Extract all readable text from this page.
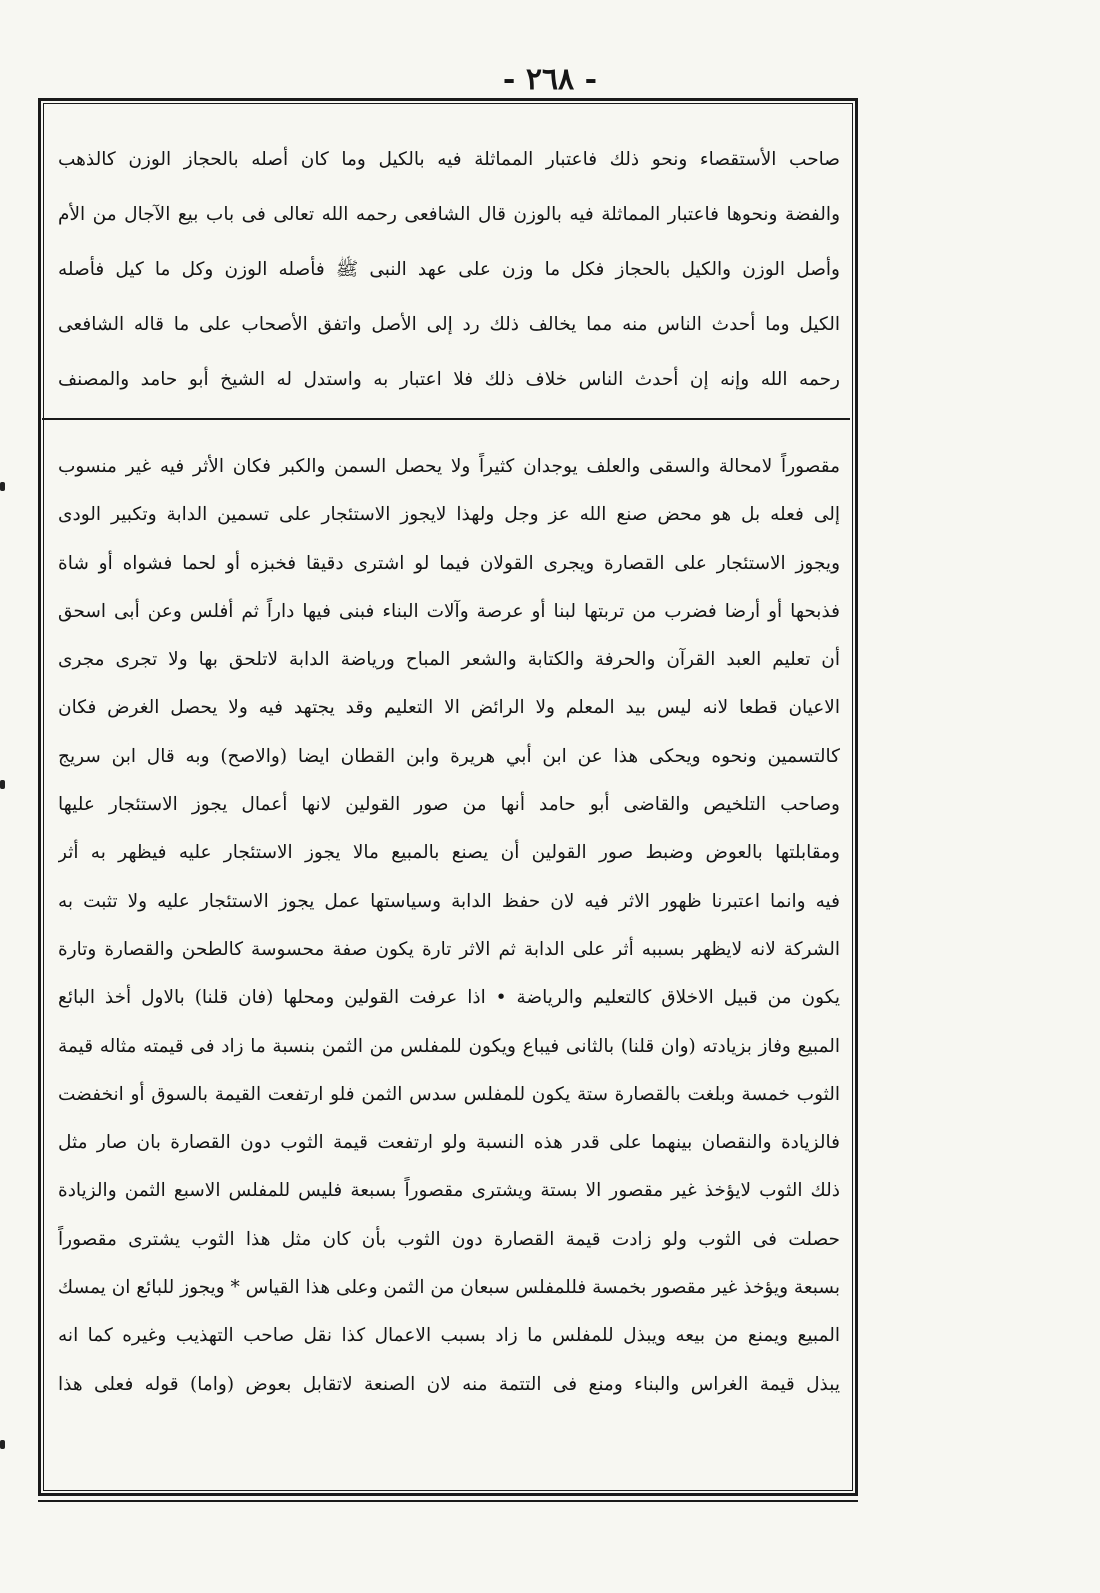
- ٢٦٨ -

صاحب الأستقصاء ونحو ذلك فاعتبار المماثلة فيه بالكيل وما كان أصله بالحجاز الوزن كالذهب

والفضة ونحوها فاعتبار المماثلة فيه بالوزن قال الشافعى رحمه الله تعالى فى باب بيع الآجال من الأم

وأصل الوزن والكيل بالحجاز فكل ما وزن على عهد النبى ﷺ فأصله الوزن وكل ما كيل فأصله

الكيل وما أحدث الناس منه مما يخالف ذلك رد إلى الأصل واتفق الأصحاب على ما قاله الشافعى

رحمه الله وإنه إن أحدث الناس خلاف ذلك فلا اعتبار به واستدل له الشيخ أبو حامد والمصنف

مقصوراً لامحالة والسقى والعلف يوجدان كثيراً ولا يحصل السمن والكبر فكان الأثر فيه غير منسوب

إلى فعله بل هو محض صنع الله عز وجل ولهذا لايجوز الاستئجار على تسمين الدابة وتكبير الودى

ويجوز الاستئجار على القصارة ويجرى القولان فيما لو اشترى دقيقا فخبزه أو لحما فشواه أو شاة

فذبحها أو أرضا فضرب من تربتها لبنا أو عرصة وآلات البناء فبنى فيها داراً ثم أفلس وعن أبى اسحق

أن تعليم العبد القرآن والحرفة والكتابة والشعر المباح ورياضة الدابة لاتلحق بها ولا تجرى مجرى

الاعيان قطعا لانه ليس بيد المعلم ولا الرائض الا التعليم وقد يجتهد فيه ولا يحصل الغرض فكان

كالتسمين ونحوه ويحكى هذا عن ابن أبي هريرة وابن القطان ايضا (والاصح) وبه قال ابن سريج

وصاحب التلخيص والقاضى أبو حامد أنها من صور القولين لانها أعمال يجوز الاستئجار عليها

ومقابلتها بالعوض وضبط صور القولين أن يصنع بالمبيع مالا يجوز الاستئجار عليه فيظهر به أثر

فيه وانما اعتبرنا ظهور الاثر فيه لان حفظ الدابة وسياستها عمل يجوز الاستئجار عليه ولا تثبت به

الشركة لانه لايظهر بسببه أثر على الدابة ثم الاثر تارة يكون صفة محسوسة كالطحن والقصارة وتارة

يكون من قبيل الاخلاق كالتعليم والرياضة • اذا عرفت القولين ومحلها (فان قلنا) بالاول أخذ البائع

المبيع وفاز بزيادته (وان قلنا) بالثانى فيباع ويكون للمفلس من الثمن بنسبة ما زاد فى قيمته مثاله قيمة

الثوب خمسة وبلغت بالقصارة ستة يكون للمفلس سدس الثمن فلو ارتفعت القيمة بالسوق أو انخفضت

فالزيادة والنقصان بينهما على قدر هذه النسبة ولو ارتفعت قيمة الثوب دون القصارة بان صار مثل

ذلك الثوب لايؤخذ غير مقصور الا بستة ويشترى مقصوراً بسبعة فليس للمفلس الاسبع الثمن والزيادة

حصلت فى الثوب ولو زادت قيمة القصارة دون الثوب بأن كان مثل هذا الثوب يشترى مقصوراً

بسبعة ويؤخذ غير مقصور بخمسة فللمفلس سبعان من الثمن وعلى هذا القياس * ويجوز للبائع ان يمسك

المبيع ويمنع من بيعه ويبذل للمفلس ما زاد بسبب الاعمال كذا نقل صاحب التهذيب وغيره كما انه

يبذل قيمة الغراس والبناء ومنع فى التتمة منه لان الصنعة لاتقابل بعوض (واما) قوله فعلى هذا
